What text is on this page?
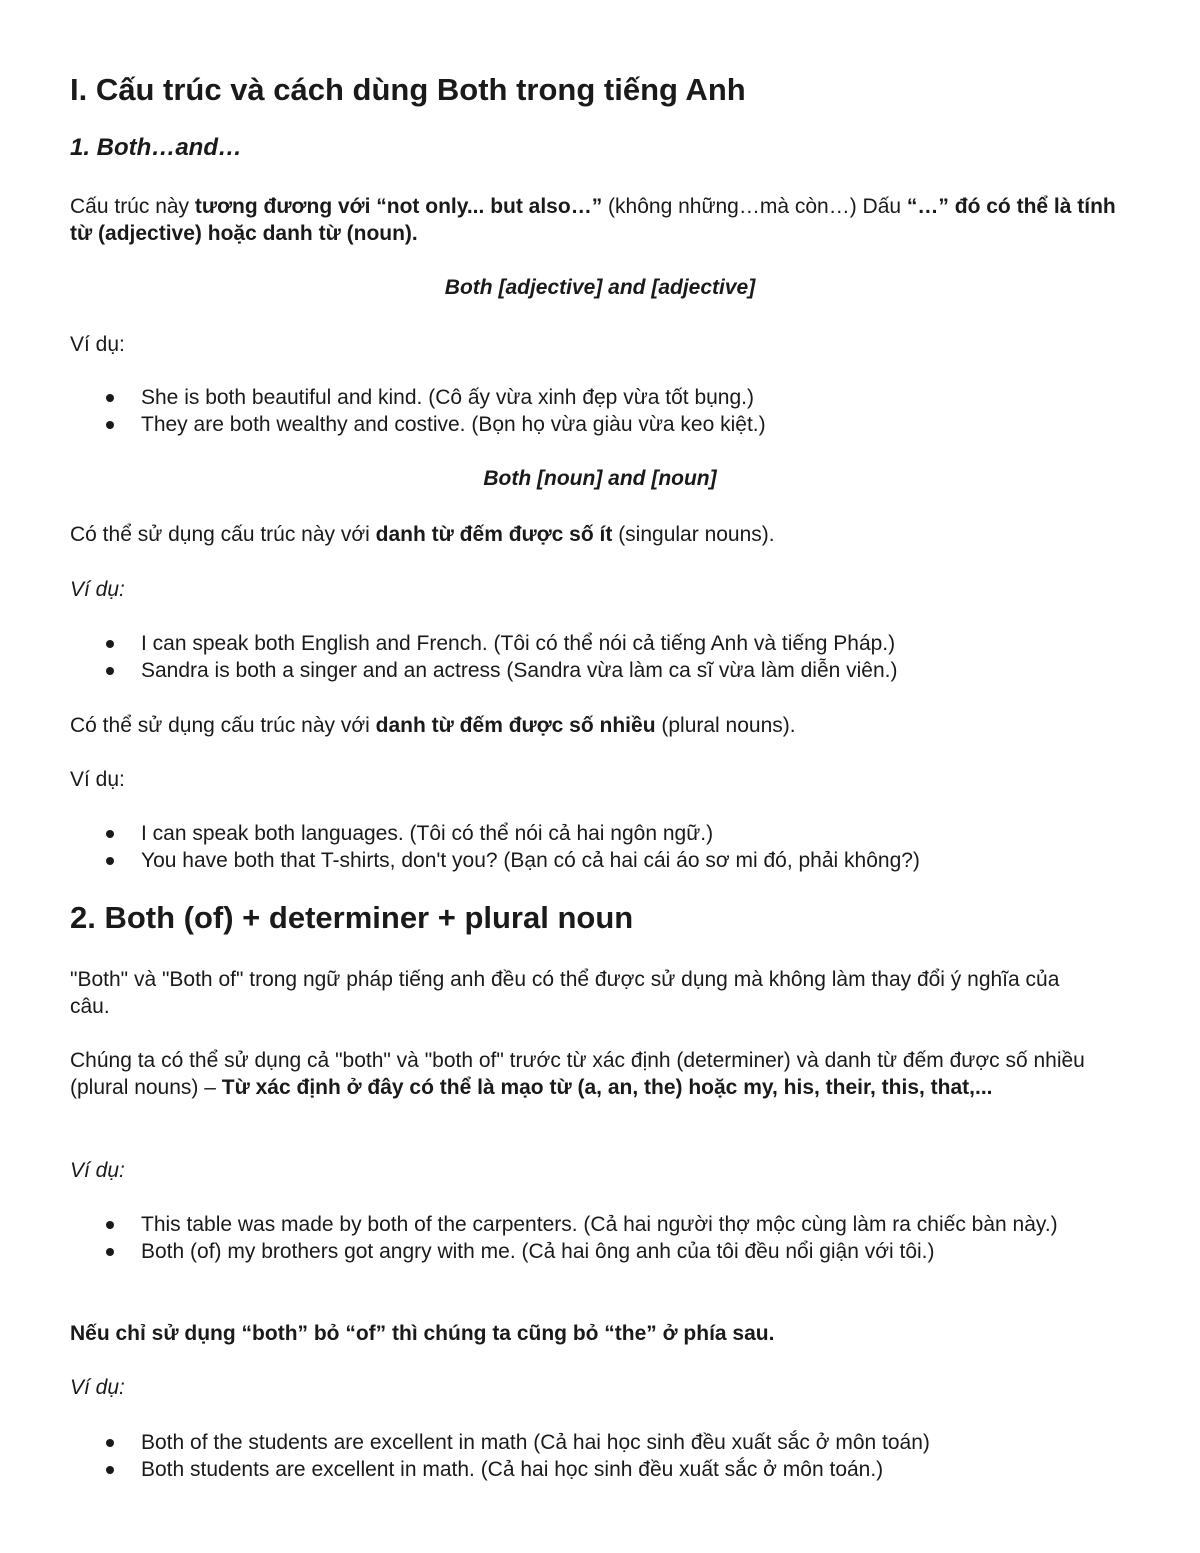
I. Cấu trúc và cách dùng Both trong tiếng Anh
1. Both…and…

Cấu trúc này tương đương với “not only... but also…” (không những…mà còn…) Dấu “…” đó có thể là tính từ (adjective) hoặc danh từ (noun).

Both [adjective] and [adjective]

Ví dụ:

She is both beautiful and kind. (Cô ấy vừa xinh đẹp vừa tốt bụng.)
They are both wealthy and costive. (Bọn họ vừa giàu vừa keo kiệt.)

Both [noun] and [noun]

Có thể sử dụng cấu trúc này với danh từ đếm được số ít (singular nouns).

Ví dụ:

I can speak both English and French. (Tôi có thể nói cả tiếng Anh và tiếng Pháp.)
Sandra is both a singer and an actress (Sandra vừa làm ca sĩ vừa làm diễn viên.)

Có thể sử dụng cấu trúc này với danh từ đếm được số nhiều (plural nouns).

Ví dụ:

I can speak both languages. (Tôi có thể nói cả hai ngôn ngữ.)
You have both that T-shirts, don't you? (Bạn có cả hai cái áo sơ mi đó, phải không?)
2. Both (of) + determiner + plural noun

"Both" và "Both of" trong ngữ pháp tiếng anh đều có thể được sử dụng mà không làm thay đổi ý nghĩa của câu.

Chúng ta có thể sử dụng cả "both" và "both of" trước từ xác định (determiner) và danh từ đếm được số nhiều (plural nouns) – Từ xác định ở đây có thể là mạo từ (a, an, the) hoặc my, his, their, this, that,...

Ví dụ:

This table was made by both of the carpenters. (Cả hai người thợ mộc cùng làm ra chiếc bàn này.)
Both (of) my brothers got angry with me. (Cả hai ông anh của tôi đều nổi giận với tôi.)

Nếu chỉ sử dụng “both” bỏ “of” thì chúng ta cũng bỏ “the” ở phía sau.

Ví dụ:

Both of the students are excellent in math (Cả hai học sinh đều xuất sắc ở môn toán)
Both students are excellent in math. (Cả hai học sinh đều xuất sắc ở môn toán.)
